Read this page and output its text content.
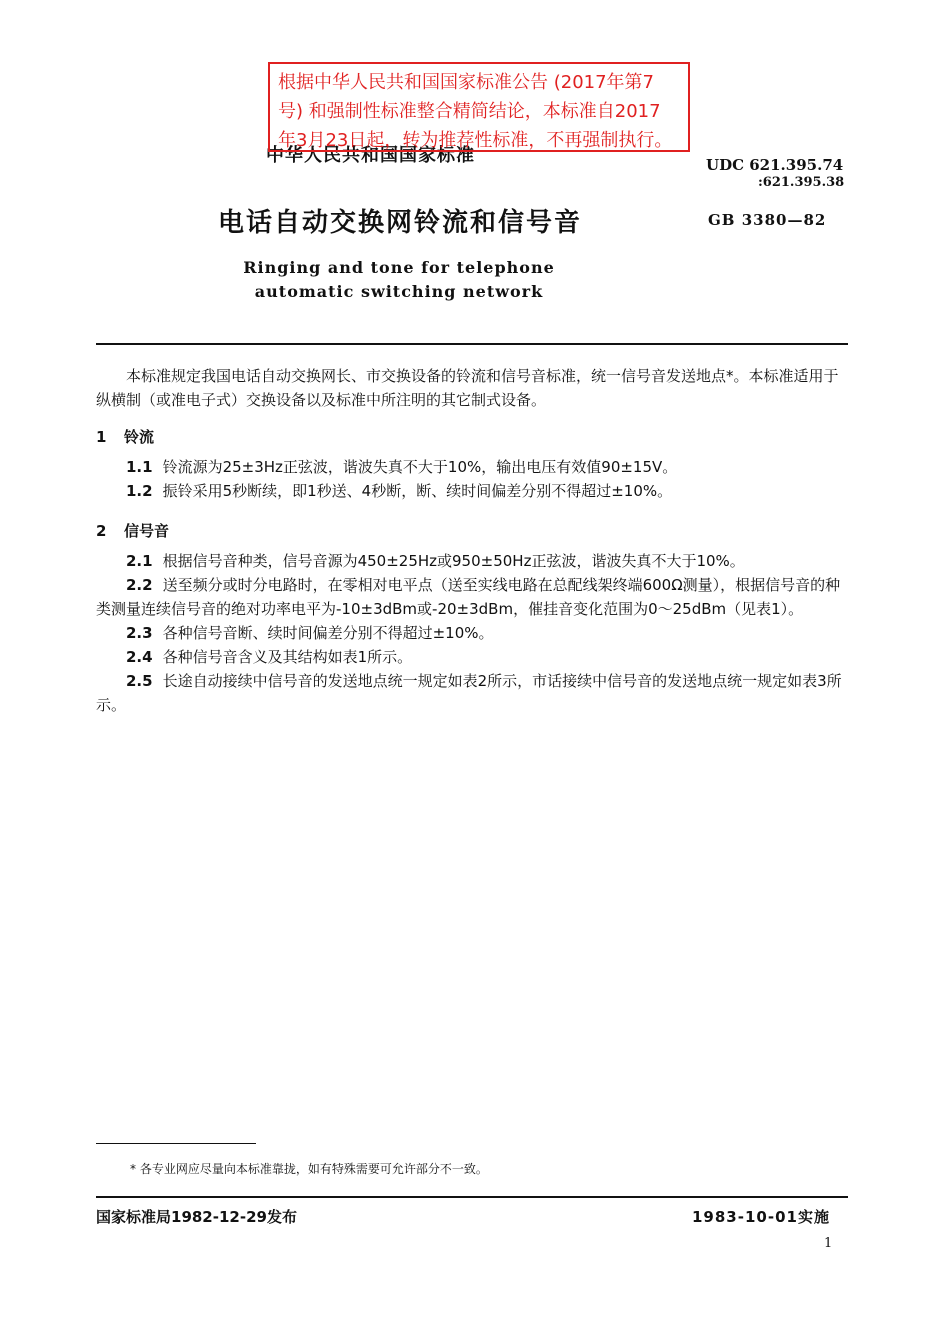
根据中华人民共和国国家标准公告 (2017年第7
号) 和强制性标准整合精简结论，本标准自2017
年3月23日起，转为推荐性标准，不再强制执行。
中华人民共和国国家标准	UDC 621.395.74
:621.395.38
电话自动交换网铃流和信号音	GB 3380—82
Ringing and tone for telephone
automatic switching network
本标准规定我国电话自动交换网长、市交换设备的铃流和信号音标准，统一信号音发送地点*。本标准适用于纵横制（或准电子式）交换设备以及标准中所注明的其它制式设备。
1 铃流
1.1 铃流源为25±3Hz正弦波，谐波失真不大于10%，输出电压有效值90±15V。
1.2 振铃采用5秒断续，即1秒送、4秒断，断、续时间偏差分别不得超过±10%。
2 信号音
2.1 根据信号音种类，信号音源为450±25Hz或950±50Hz正弦波，谐波失真不大于10%。
2.2 送至频分或时分电路时，在零相对电平点（送至实线电路在总配线架终端600Ω测量），根据信号音的种类测量连续信号音的绝对功率电平为-10±3dBm或-20±3dBm，催挂音变化范围为0～25dBm（见表1）。
2.3 各种信号音断、续时间偏差分别不得超过±10%。
2.4 各种信号音含义及其结构如表1所示。
2.5 长途自动接续中信号音的发送地点统一规定如表2所示，市话接续中信号音的发送地点统一规定如表3所示。
* 各专业网应尽量向本标准靠拢，如有特殊需要可允许部分不一致。
国家标准局1982-12-29发布	1983-10-01实施
1
